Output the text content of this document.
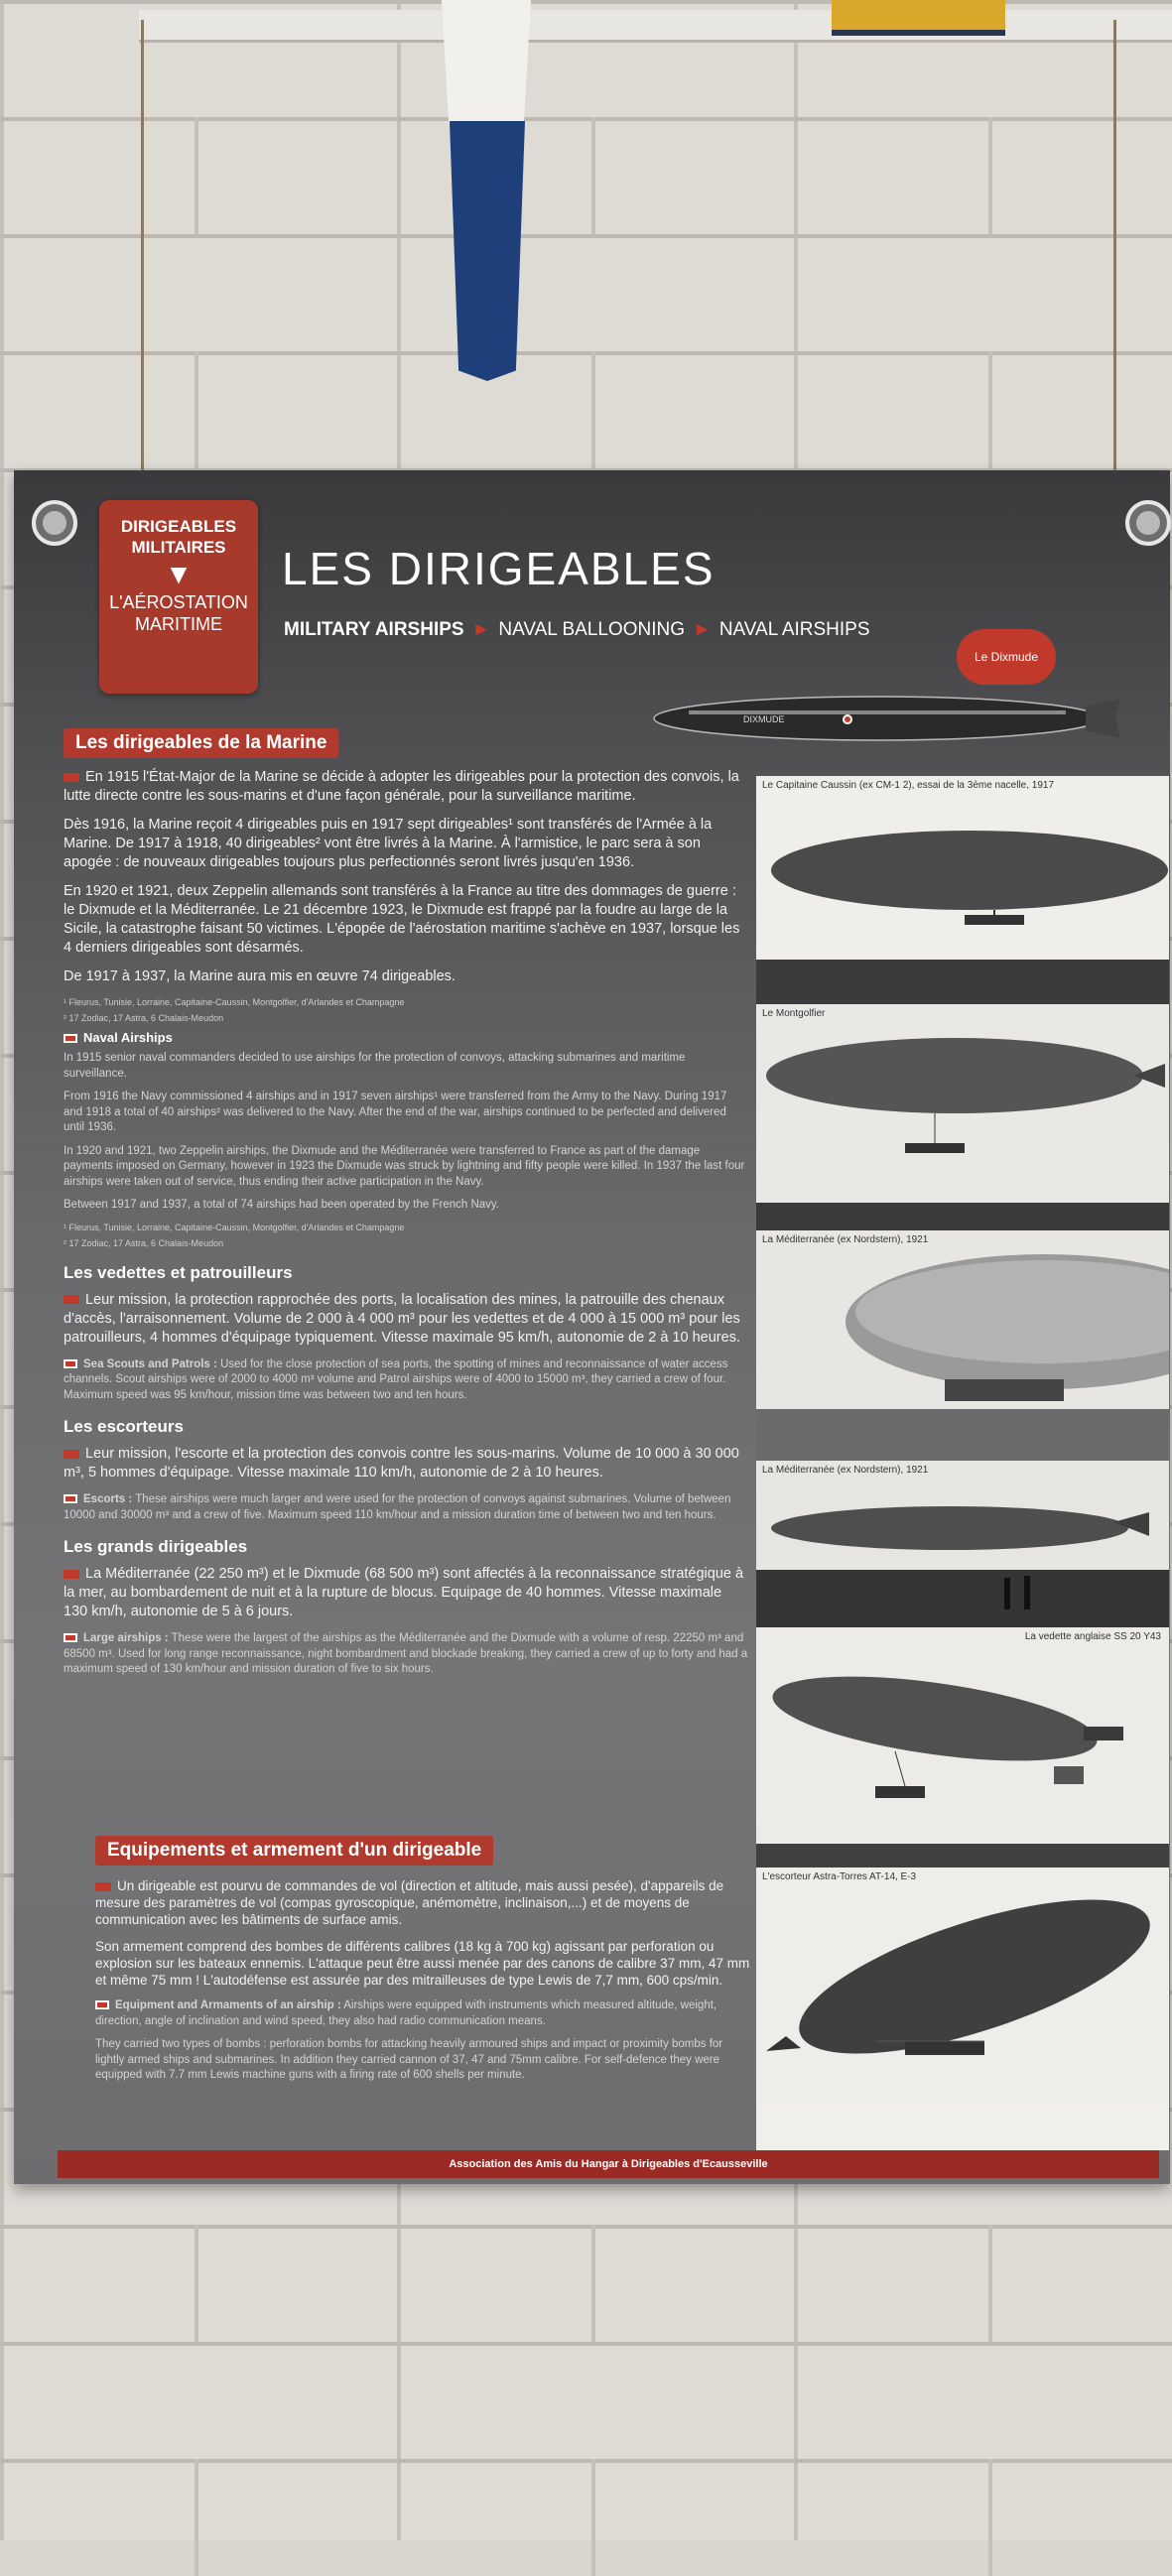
DIRIGEABLES
MILITAIRES
▼
L'AÉROSTATION
MARITIME
LES DIRIGEABLES
MILITARY AIRSHIPS ► NAVAL BALLOONING ► NAVAL AIRSHIPS
Le Dixmude
DIXMUDE
Les dirigeables de la Marine

En 1915 l'État-Major de la Marine se décide à adopter les dirigeables pour la protection des convois, la lutte directe contre les sous-marins et d'une façon générale, pour la surveillance maritime.

Dès 1916, la Marine reçoit 4 dirigeables puis en 1917 sept dirigeables¹ sont transférés de l'Armée à la Marine. De 1917 à 1918, 40 dirigeables² vont être livrés à la Marine. À l'armistice, le parc sera à son apogée : de nouveaux dirigeables toujours plus perfectionnés seront livrés jusqu'en 1936.

En 1920 et 1921, deux Zeppelin allemands sont transférés à la France au titre des dommages de guerre : le Dixmude et la Méditerranée. Le 21 décembre 1923, le Dixmude est frappé par la foudre au large de la Sicile, la catastrophe faisant 50 victimes. L'épopée de l'aérostation maritime s'achève en 1937, lorsque les 4 derniers dirigeables sont désarmés.

De 1917 à 1937, la Marine aura mis en œuvre 74 dirigeables.

¹ Fleurus, Tunisie, Lorraine, Capitaine-Caussin, Montgolfier, d'Arlandes et Champagne

² 17 Zodiac, 17 Astra, 6 Chalais-Meudon

Naval Airships

In 1915 senior naval commanders decided to use airships for the protection of convoys, attacking submarines and maritime surveillance.

From 1916 the Navy commissioned 4 airships and in 1917 seven airships¹ were transferred from the Army to the Navy. During 1917 and 1918 a total of 40 airships² was delivered to the Navy. After the end of the war, airships continued to be perfected and delivered until 1936.

In 1920 and 1921, two Zeppelin airships, the Dixmude and the Méditerranée were transferred to France as part of the damage payments imposed on Germany, however in 1923 the Dixmude was struck by lightning and fifty people were killed. In 1937 the last four airships were taken out of service, thus ending their active participation in the Navy.

Between 1917 and 1937, a total of 74 airships had been operated by the French Navy.

¹ Fleurus, Tunisie, Lorraine, Capitaine-Caussin, Montgolfier, d'Arlandes et Champagne

² 17 Zodiac, 17 Astra, 6 Chalais-Meudon

Les vedettes et patrouilleurs

Leur mission, la protection rapprochée des ports, la localisation des mines, la patrouille des chenaux d'accès, l'arraisonnement. Volume de 2 000 à 4 000 m³ pour les vedettes et de 4 000 à 15 000 m³ pour les patrouilleurs, 4 hommes d'équipage typiquement. Vitesse maximale 95 km/h, autonomie de 2 à 10 heures.

Sea Scouts and Patrols : Used for the close protection of sea ports, the spotting of mines and reconnaissance of water access channels. Scout airships were of 2000 to 4000 m³ volume and Patrol airships were of 4000 to 15000 m³, they carried a crew of four. Maximum speed was 95 km/hour, mission time was between two and ten hours.

Les escorteurs

Leur mission, l'escorte et la protection des convois contre les sous-marins. Volume de 10 000 à 30 000 m³, 5 hommes d'équipage. Vitesse maximale 110 km/h, autonomie de 2 à 10 heures.

Escorts : These airships were much larger and were used for the protection of convoys against submarines. Volume of between 10000 and 30000 m³ and a crew of five. Maximum speed 110 km/hour and a mission duration time of between two and ten hours.

Les grands dirigeables

La Méditerranée (22 250 m³) et le Dixmude (68 500 m³) sont affectés à la reconnaissance stratégique à la mer, au bombardement de nuit et à la rupture de blocus. Equipage de 40 hommes. Vitesse maximale 130 km/h, autonomie de 5 à 6 jours.

Large airships : These were the largest of the airships as the Méditerranée and the Dixmude with a volume of resp. 22250 m³ and 68500 m³. Used for long range reconnaissance, night bombardment and blockade breaking, they carried a crew of up to forty and had a maximum speed of 130 km/hour and mission duration of five to six hours.

Equipements et armement d'un dirigeable

Un dirigeable est pourvu de commandes de vol (direction et altitude, mais aussi pesée), d'appareils de mesure des paramètres de vol (compas gyroscopique, anémomètre, inclinaison,...) et de moyens de communication avec les bâtiments de surface amis.

Son armement comprend des bombes de différents calibres (18 kg à 700 kg) agissant par perforation ou explosion sur les bateaux ennemis. L'attaque peut être aussi menée par des canons de calibre 37 mm, 47 mm et même 75 mm ! L'autodéfense est assurée par des mitrailleuses de type Lewis de 7,7 mm, 600 cps/min.

Equipment and Armaments of an airship : Airships were equipped with instruments which measured altitude, weight, direction, angle of inclination and wind speed, they also had radio communication means.

They carried two types of bombs : perforation bombs for attacking heavily armoured ships and impact or proximity bombs for lightly armed ships and submarines. In addition they carried cannon of 37, 47 and 75mm calibre. For self-defence they were equipped with 7.7 mm Lewis machine guns with a firing rate of 600 shells per minute.

Le Capitaine Caussin (ex CM-1 2), essai de la 3ème nacelle, 1917
Le Montgolfier
La Méditerranée (ex Nordstern), 1921
La Méditerranée (ex Nordstern), 1921
La vedette anglaise SS 20 Y43
L'escorteur Astra-Torres AT-14, E-3
Association des Amis du Hangar à Dirigeables d'Ecausseville
